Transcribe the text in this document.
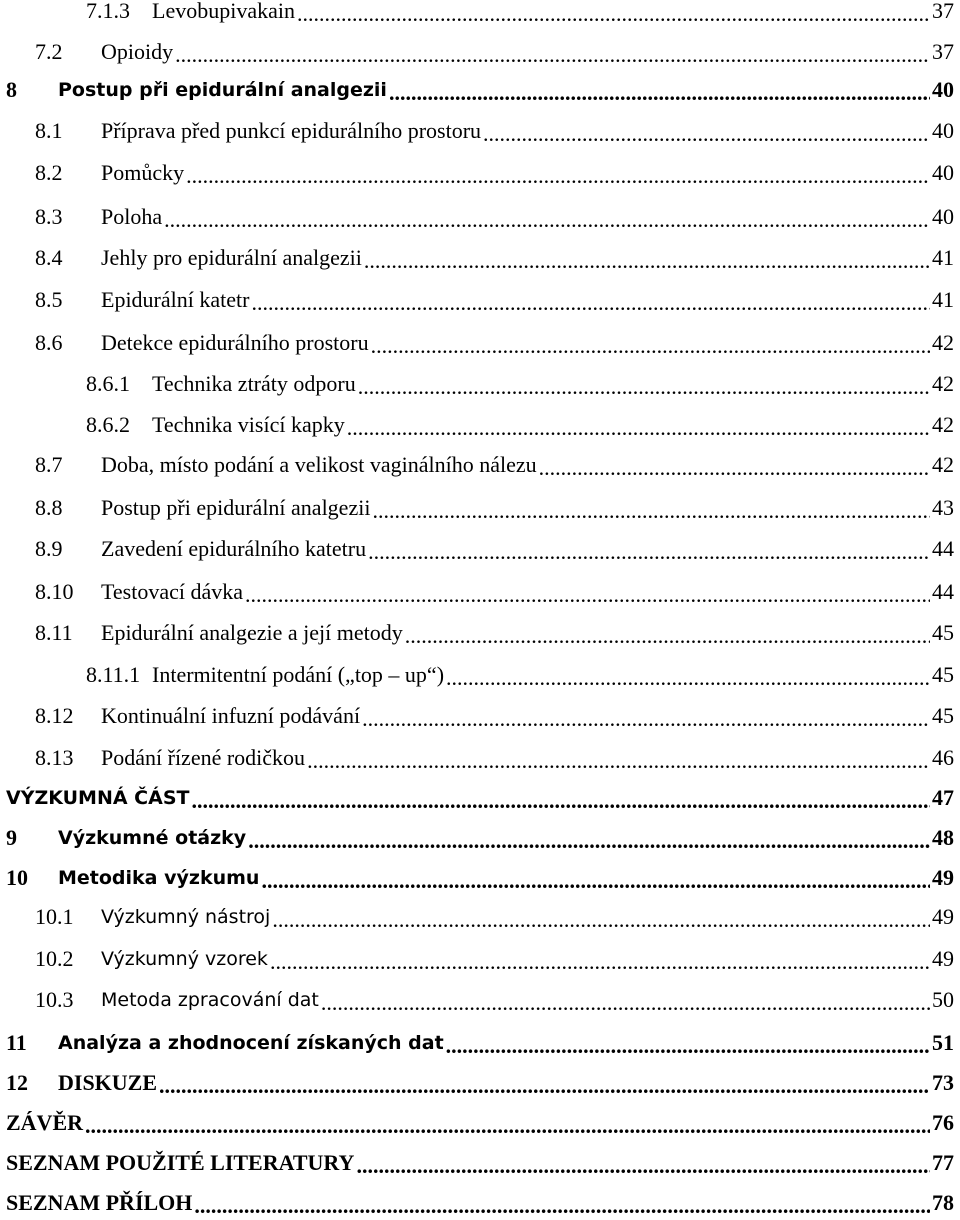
7.1.3	Levobupivakain .....	37
7.2	Opioidy .....	37
8	Postup při epidurální analgezii .....	40
8.1	Příprava před punkcí epidurálního prostoru .....	40
8.2	Pomůcky .....	40
8.3	Poloha .....	40
8.4	Jehly pro epidurální analgezii .....	41
8.5	Epidurální katetr .....	41
8.6	Detekce epidurálního prostoru .....	42
8.6.1	Technika ztráty odporu .....	42
8.6.2	Technika visící kapky .....	42
8.7	Doba, místo podání a velikost vaginálního nálezu .....	42
8.8	Postup při epidurální analgezii .....	43
8.9	Zavedení epidurálního katetru .....	44
8.10	Testovací dávka .....	44
8.11	Epidurální analgezie a její metody .....	45
8.11.1 Intermitentní podání („top – up“) .....	45
8.12	Kontinuální infuzní podávání .....	45
8.13	Podání řízené rodičkou .....	46
VÝZKUMNÁ ČÁST .....	47
9	Výzkumné otázky .....	48
10	Metodika výzkumu .....	49
10.1	Výzkumný nástroj .....	49
10.2	Výzkumný vzorek .....	49
10.3	Metoda zpracování dat .....	50
11	Analýza a zhodnocení získaných dat .....	51
12	DISKUZE .....	73
ZÁVĚR .....	76
SEZNAM POUŽITÉ LITERATURY .....	77
SEZNAM PŘÍLOH .....	78
